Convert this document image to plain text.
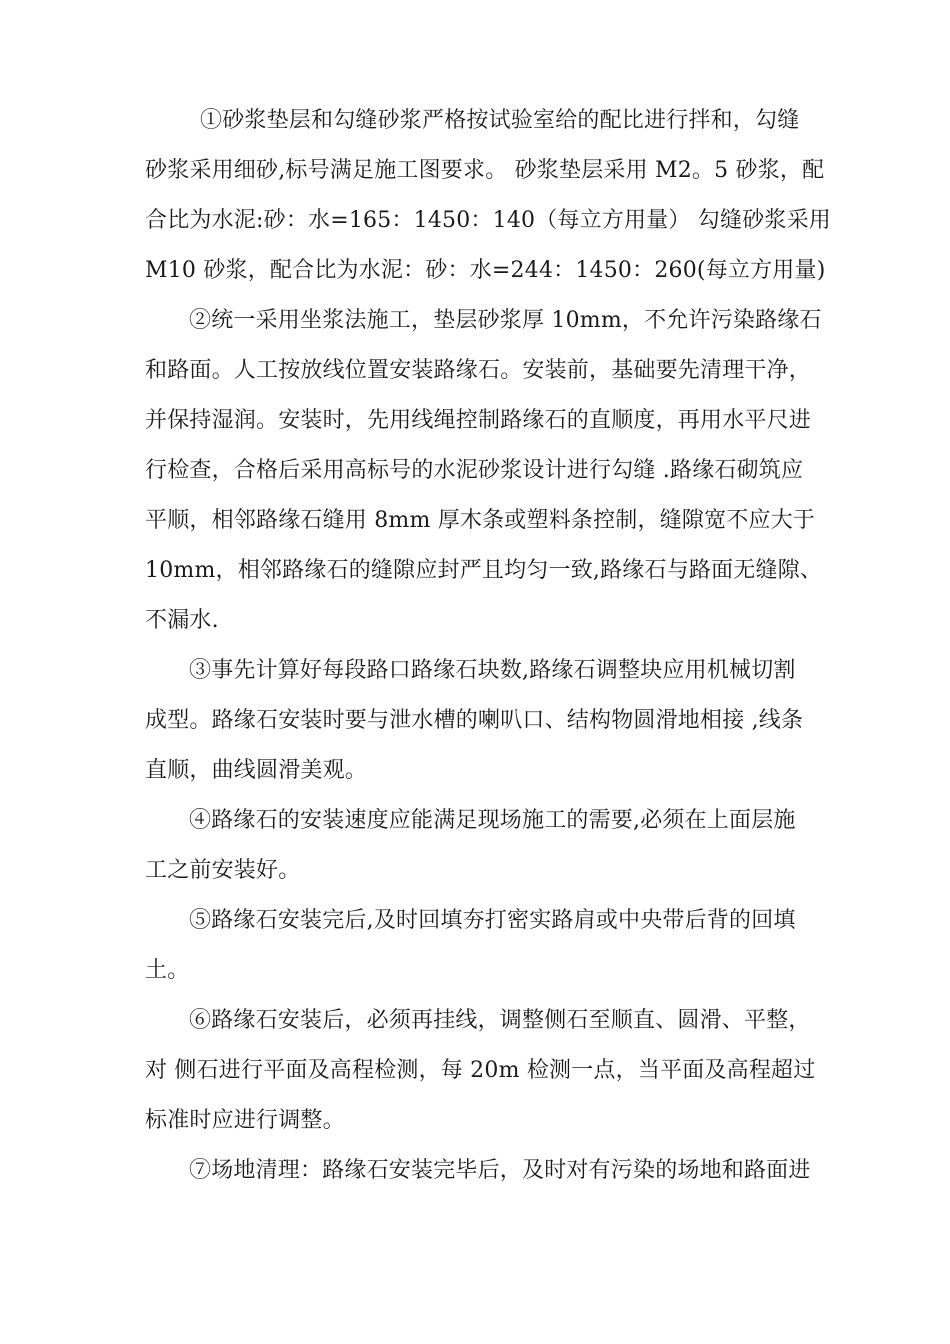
①砂浆垫层和勾缝砂浆严格按试验室给的配比进行拌和，勾缝
砂浆采用细砂,标号满足施工图要求。 砂浆垫层采用 M2。5 砂浆，配
合比为水泥:砂：水=165：1450：140（每立方用量） 勾缝砂浆采用
M10 砂浆，配合比为水泥：砂：水=244：1450：260(每立方用量)
②统一采用坐浆法施工，垫层砂浆厚 10mm，不允许污染路缘石
和路面。人工按放线位置安装路缘石。安装前，基础要先清理干净，
并保持湿润。安装时，先用线绳控制路缘石的直顺度，再用水平尺进
行检查，合格后采用高标号的水泥砂浆设计进行勾缝 .路缘石砌筑应
平顺，相邻路缘石缝用 8mm 厚木条或塑料条控制，缝隙宽不应大于
10mm，相邻路缘石的缝隙应封严且均匀一致,路缘石与路面无缝隙、
不漏水.
③事先计算好每段路口路缘石块数,路缘石调整块应用机械切割
成型。路缘石安装时要与泄水槽的喇叭口、结构物圆滑地相接 ,线条
直顺，曲线圆滑美观。
④路缘石的安装速度应能满足现场施工的需要,必须在上面层施
工之前安装好。
⑤路缘石安装完后,及时回填夯打密实路肩或中央带后背的回填
土。
⑥路缘石安装后，必须再挂线，调整侧石至顺直、圆滑、平整，
对 侧石进行平面及高程检测，每 20m 检测一点，当平面及高程超过
标准时应进行调整。
⑦场地清理：路缘石安装完毕后，及时对有污染的场地和路面进
